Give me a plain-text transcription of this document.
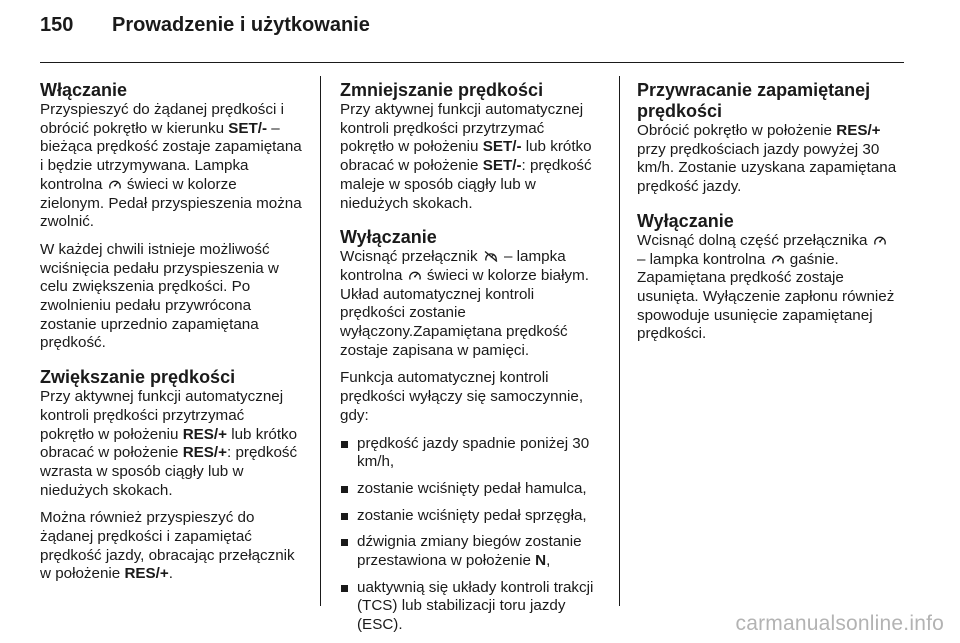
150 Prowadzenie i użytkowanie
Włączanie

Przyspieszyć do żądanej prędkości i obrócić pokrętło w kierunku SET/- – bieżąca prędkość zostaje zapamiętana i będzie utrzymywana. Lampka kontrolna
świeci w kolorze zielonym. Pedał przyspieszenia można zwolnić.

W każdej chwili istnieje możliwość wciśnięcia pedału przyspieszenia w celu zwiększenia prędkości. Po zwolnieniu pedału przywrócona zostanie uprzednio zapamiętana prędkość.

Zwiększanie prędkości

Przy aktywnej funkcji automatycznej kontroli prędkości przytrzymać pokrętło w położeniu RES/+ lub krótko obracać w położenie RES/+: prędkość wzrasta w sposób ciągły lub w niedużych skokach.

Można również przyspieszyć do żądanej prędkości i zapamiętać prędkość jazdy, obracając przełącznik w położenie RES/+.

Zmniejszanie prędkości

Przy aktywnej funkcji automatycznej kontroli prędkości przytrzymać pokrętło w położeniu SET/- lub krótko obracać w położenie SET/-: prędkość maleje w sposób ciągły lub w niedużych skokach.

Wyłączanie

Wcisnąć przełącznik
– lampka kontrolna
świeci w kolorze białym. Układ automatycznej kontroli prędkości zostanie wyłączony.Zapamiętana prędkość zostaje zapisana w pamięci.

Funkcja automatycznej kontroli prędkości wyłączy się samoczynnie, gdy:

prędkość jazdy spadnie poniżej 30 km/h,
zostanie wciśnięty pedał hamulca,
zostanie wciśnięty pedał sprzęgła,
dźwignia zmiany biegów zostanie przestawiona w położenie N,
uaktywnią się układy kontroli trakcji (TCS) lub stabilizacji toru jazdy (ESC).
Przywracanie zapamiętanej prędkości

Obrócić pokrętło w położenie RES/+ przy prędkościach jazdy powyżej 30 km/h. Zostanie uzyskana zapamiętana prędkość jazdy.

Wyłączanie

Wcisnąć dolną część przełącznika
– lampka kontrolna
gaśnie. Zapamiętana prędkość zostaje usunięta. Wyłączenie zapłonu również spowoduje usunięcie zapamiętanej prędkości.

carmanualsonline.info
